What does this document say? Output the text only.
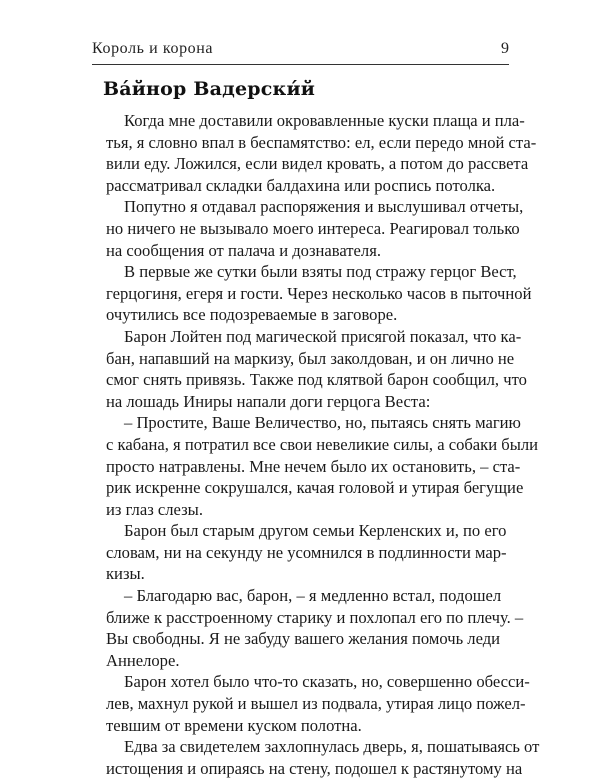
Король и корона	9
Ва́йнор Вадерски́й
Когда мне доставили окровавленные куски плаща и пла-
тья, я словно впал в беспамятство: ел, если передо мной ста-
вили еду. Ложился, если видел кровать, а потом до рассвета
рассматривал складки балдахина или роспись потолка.
Попутно я отдавал распоряжения и выслушивал отчеты,
но ничего не вызывало моего интереса. Реагировал только
на сообщения от палача и дознавателя.
В первые же сутки были взяты под стражу герцог Вест,
герцогиня, егеря и гости. Через несколько часов в пыточной
очутились все подозреваемые в заговоре.
Барон Лойтен под магической присягой показал, что ка-
бан, напавший на маркизу, был заколдован, и он лично не
смог снять привязь. Также под клятвой барон сообщил, что
на лошадь Иниры напали доги герцога Веста:
– Простите, Ваше Величество, но, пытаясь снять магию
с кабана, я потратил все свои невеликие силы, а собаки были
просто натравлены. Мне нечем было их остановить, – ста-
рик искренне сокрушался, качая головой и утирая бегущие
из глаз слезы.
Барон был старым другом семьи Керленских и, по его
словам, ни на секунду не усомнился в подлинности мар-
кизы.
– Благодарю вас, барон, – я медленно встал, подошел
ближе к расстроенному старику и похлопал его по плечу. –
Вы свободны. Я не забуду вашего желания помочь леди
Аннелоре.
Барон хотел было что-то сказать, но, совершенно обесси-
лев, махнул рукой и вышел из подвала, утирая лицо пожел-
тевшим от времени куском полотна.
Едва за свидетелем захлопнулась дверь, я, пошатываясь от
истощения и опираясь на стену, подошел к растянутому на
